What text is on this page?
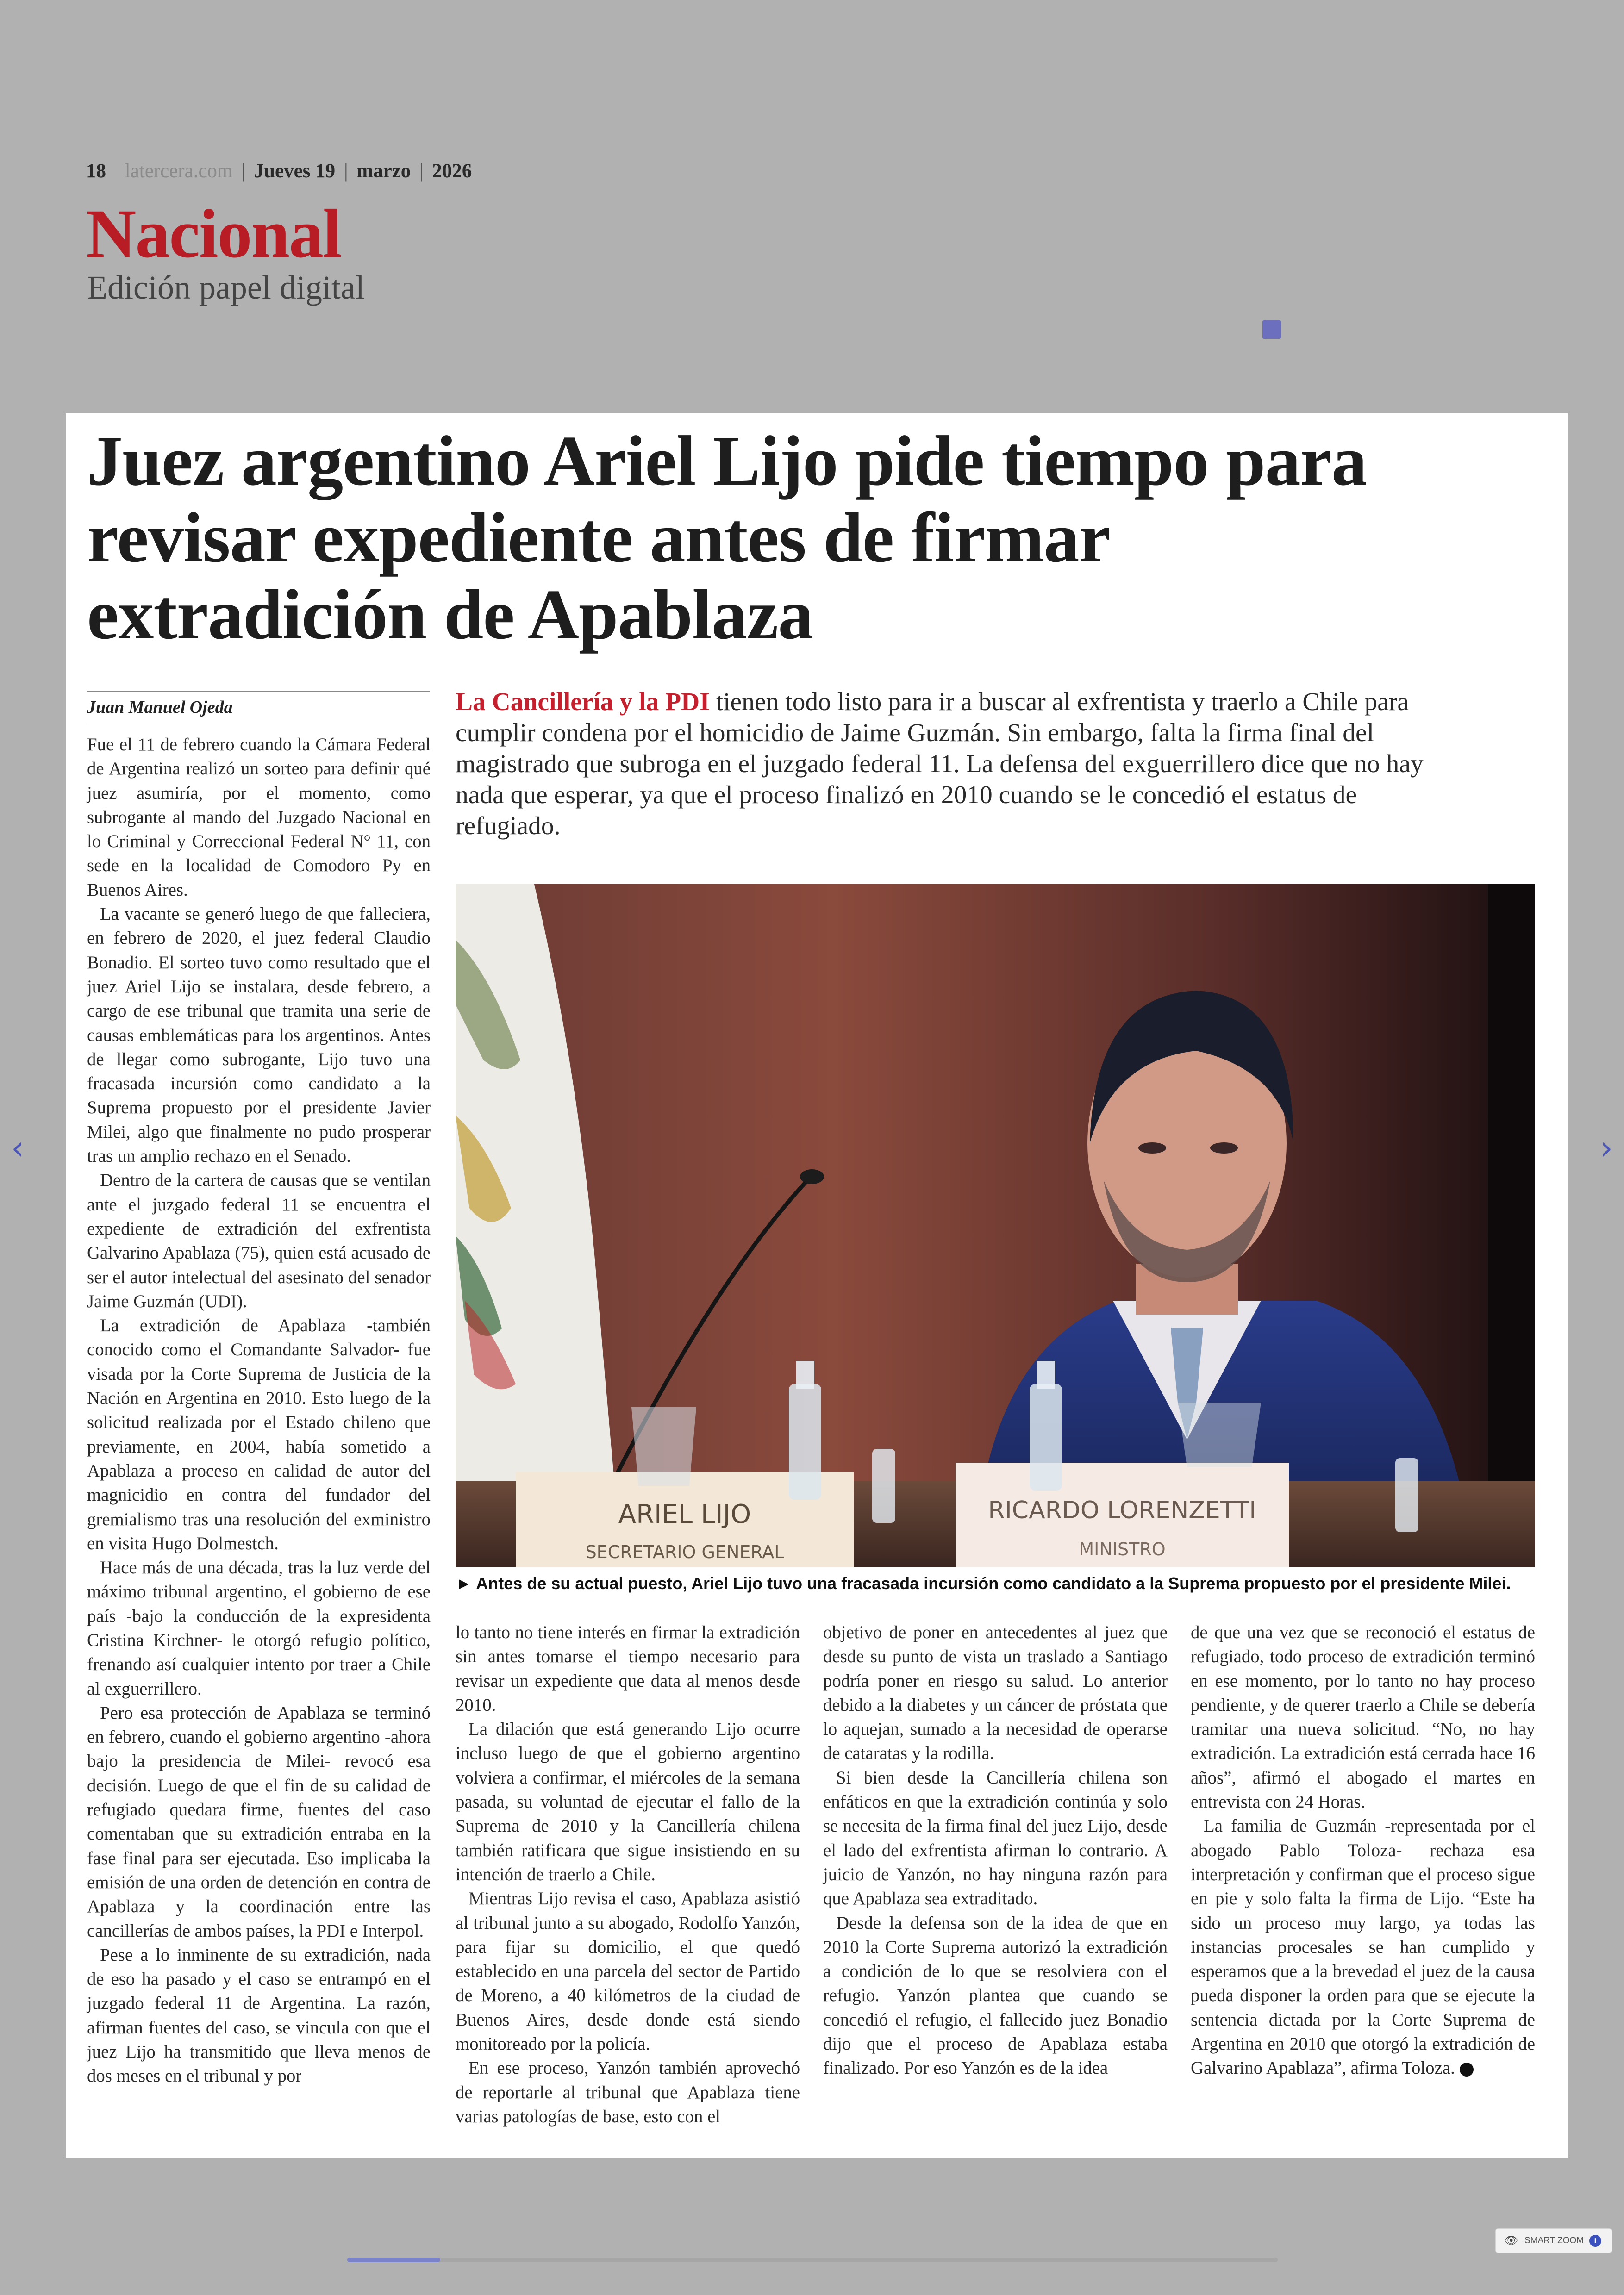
18 latercera.com | Jueves 19 | marzo | 2026
Nacional
Edición papel digital
‹	›
Juez argentino Ariel Lijo pide tiempo para revisar expediente antes de firmar extradición de Apablaza
Juan Manuel Ojeda	La Cancillería y la PDI tienen todo listo para ir a buscar al exfrentista y traerlo a Chile para cumplir condena por el homicidio de Jaime Guzmán. Sin embargo, falta la firma final del magistrado que subroga en el juzgado federal 11. La defensa del exguerrillero dice que no hay nada que esperar, ya que el proceso finalizó en 2010 cuando se le concedió el estatus de refugiado.

Fue el 11 de febrero cuando la Cámara Federal de Argentina realizó un sorteo para definir qué juez asumiría, por el momento, como subrogante al mando del Juzgado Nacional en lo Criminal y Correccional Federal N° 11, con sede en la localidad de Comodoro Py en Buenos Aires.

La vacante se generó luego de que falleciera, en febrero de 2020, el juez federal Claudio Bonadio. El sorteo tuvo como resultado que el juez Ariel Lijo se instalara, desde febrero, a cargo de ese tribunal que tramita una serie de causas emblemáticas para los argentinos. Antes de llegar como subrogante, Lijo tuvo una fracasada incursión como candidato a la Suprema propuesto por el presidente Javier Milei, algo que finalmente no pudo prosperar tras un amplio rechazo en el Senado.

Dentro de la cartera de causas que se ventilan ante el juzgado federal 11 se encuentra el expediente de extradición del exfrentista Galvarino Apablaza (75), quien está acusado de ser el autor intelectual del asesinato del senador Jaime Guzmán (UDI).

La extradición de Apablaza -también conocido como el Comandante Salvador- fue visada por la Corte Suprema de Justicia de la Nación en Argentina en 2010. Esto luego de la solicitud realizada por el Estado chileno que previamente, en 2004, había sometido a Apablaza a proceso en calidad de autor del magnicidio en contra del fundador del gremialismo tras una resolución del exministro en visita Hugo Dolmestch.

Hace más de una década, tras la luz verde del máximo tribunal argentino, el gobierno de ese país -bajo la conducción de la expresidenta Cristina Kirchner- le otorgó refugio político, frenando así cualquier intento por traer a Chile al exguerrillero.

Pero esa protección de Apablaza se terminó en febrero, cuando el gobierno argentino -ahora bajo la presidencia de Milei- revocó esa decisión. Luego de que el fin de su calidad de refugiado quedara firme, fuentes del caso comentaban que su extradición entraba en la fase final para ser ejecutada. Eso implicaba la emisión de una orden de detención en contra de Apablaza y la coordinación entre las cancillerías de ambos países, la PDI e Interpol.

Pese a lo inminente de su extradición, nada de eso ha pasado y el caso se entrampó en el juzgado federal 11 de Argentina. La razón, afirman fuentes del caso, se vincula con que el juez Lijo ha transmitido que lleva menos de dos meses en el tribunal y por

ARIEL LIJO
SECRETARIO GENERAL
RICARDO LORENZETTI
MINISTRO
► Antes de su actual puesto, Ariel Lijo tuvo una fracasada incursión como candidato a la Suprema propuesto por el presidente Milei.

lo tanto no tiene interés en firmar la extradición sin antes tomarse el tiempo necesario para revisar un expediente que data al menos desde 2010.

La dilación que está generando Lijo ocurre incluso luego de que el gobierno argentino volviera a confirmar, el miércoles de la semana pasada, su voluntad de ejecutar el fallo de la Suprema de 2010 y la Cancillería chilena también ratificara que sigue insistiendo en su intención de traerlo a Chile.

Mientras Lijo revisa el caso, Apablaza asistió al tribunal junto a su abogado, Rodolfo Yanzón, para fijar su domicilio, el que quedó establecido en una parcela del sector de Partido de Moreno, a 40 kilómetros de la ciudad de Buenos Aires, desde donde está siendo monitoreado por la policía.

En ese proceso, Yanzón también aprovechó de reportarle al tribunal que Apablaza tiene varias patologías de base, esto con el

objetivo de poner en antecedentes al juez que desde su punto de vista un traslado a Santiago podría poner en riesgo su salud. Lo anterior debido a la diabetes y un cáncer de próstata que lo aquejan, sumado a la necesidad de operarse de cataratas y la rodilla.

Si bien desde la Cancillería chilena son enfáticos en que la extradición continúa y solo se necesita de la firma final del juez Lijo, desde el lado del exfrentista afirman lo contrario. A juicio de Yanzón, no hay ninguna razón para que Apablaza sea extraditado.

Desde la defensa son de la idea de que en 2010 la Corte Suprema autorizó la extradición a condición de lo que se resolviera con el refugio. Yanzón plantea que cuando se concedió el refugio, el fallecido juez Bonadio dijo que el proceso de Apablaza estaba finalizado. Por eso Yanzón es de la idea

de que una vez que se reconoció el estatus de refugiado, todo proceso de extradición terminó en ese momento, por lo tanto no hay proceso pendiente, y de querer traerlo a Chile se debería tramitar una nueva solicitud. “No, no hay extradición. La extradición está cerrada hace 16 años”, afirmó el abogado el martes en entrevista con 24 Horas.

La familia de Guzmán -representada por el abogado Pablo Toloza- rechaza esa interpretación y confirman que el proceso sigue en pie y solo falta la firma de Lijo. “Este ha sido un proceso muy largo, ya todas las instancias procesales se han cumplido y esperamos que a la brevedad el juez de la causa pueda disponer la orden para que se ejecute la sentencia dictada por la Corte Suprema de Argentina en 2010 que otorgó la extradición de Galvarino Apablaza”, afirma Toloza.

👁 SMART ZOOM	i
